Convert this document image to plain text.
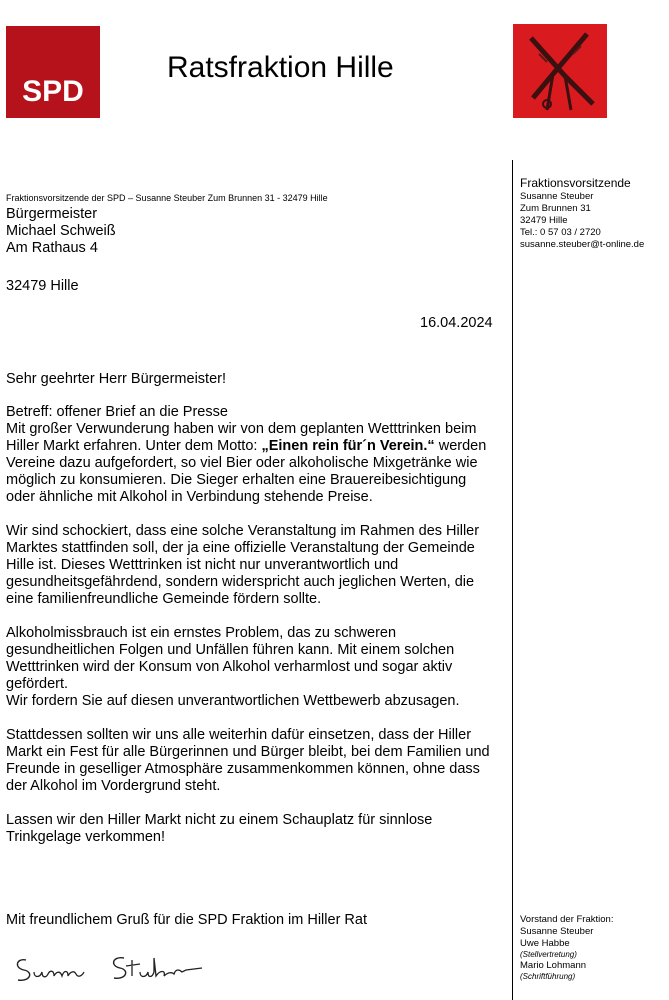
SPD
Ratsfraktion Hille
Fraktionsvorsitzende der SPD – Susanne Steuber Zum Brunnen 31 - 32479 Hille
Bürgermeister
Michael Schweiß
Am Rathaus 4
32479 Hille
16.04.2024

Sehr geehrter Herr Bürgermeister!

Betreff: offener Brief an die Presse

Mit großer Verwunderung haben wir von dem geplanten Wetttrinken beim

Hiller Markt erfahren. Unter dem Motto: „Einen rein für´n Verein.“ werden

Vereine dazu aufgefordert, so viel Bier oder alkoholische Mixgetränke wie

möglich zu konsumieren. Die Sieger erhalten eine Brauereibesichtigung

oder ähnliche mit Alkohol in Verbindung stehende Preise.

Wir sind schockiert, dass eine solche Veranstaltung im Rahmen des Hiller

Marktes stattfinden soll, der ja eine offizielle Veranstaltung der Gemeinde

Hille ist. Dieses Wetttrinken ist nicht nur unverantwortlich und

gesundheitsgefährdend, sondern widerspricht auch jeglichen Werten, die

eine familienfreundliche Gemeinde fördern sollte.

Alkoholmissbrauch ist ein ernstes Problem, das zu schweren

gesundheitlichen Folgen und Unfällen führen kann. Mit einem solchen

Wetttrinken wird der Konsum von Alkohol verharmlost und sogar aktiv

gefördert.

Wir fordern Sie auf diesen unverantwortlichen Wettbewerb abzusagen.

Stattdessen sollten wir uns alle weiterhin dafür einsetzen, dass der Hiller

Markt ein Fest für alle Bürgerinnen und Bürger bleibt, bei dem Familien und

Freunde in geselliger Atmosphäre zusammenkommen können, ohne dass

der Alkohol im Vordergrund steht.

Lassen wir den Hiller Markt nicht zu einem Schauplatz für sinnlose

Trinkgelage verkommen!

Mit freundlichem Gruß für die SPD Fraktion im Hiller Rat
Fraktionsvorsitzende
Susanne Steuber
Zum Brunnen 31
32479 Hille
Tel.: 0 57 03 / 2720
susanne.steuber@t-online.de
Vorstand der Fraktion:
Susanne Steuber
Uwe Habbe
(Stellvertretung)
Mario Lohmann
(Schriftführung)
